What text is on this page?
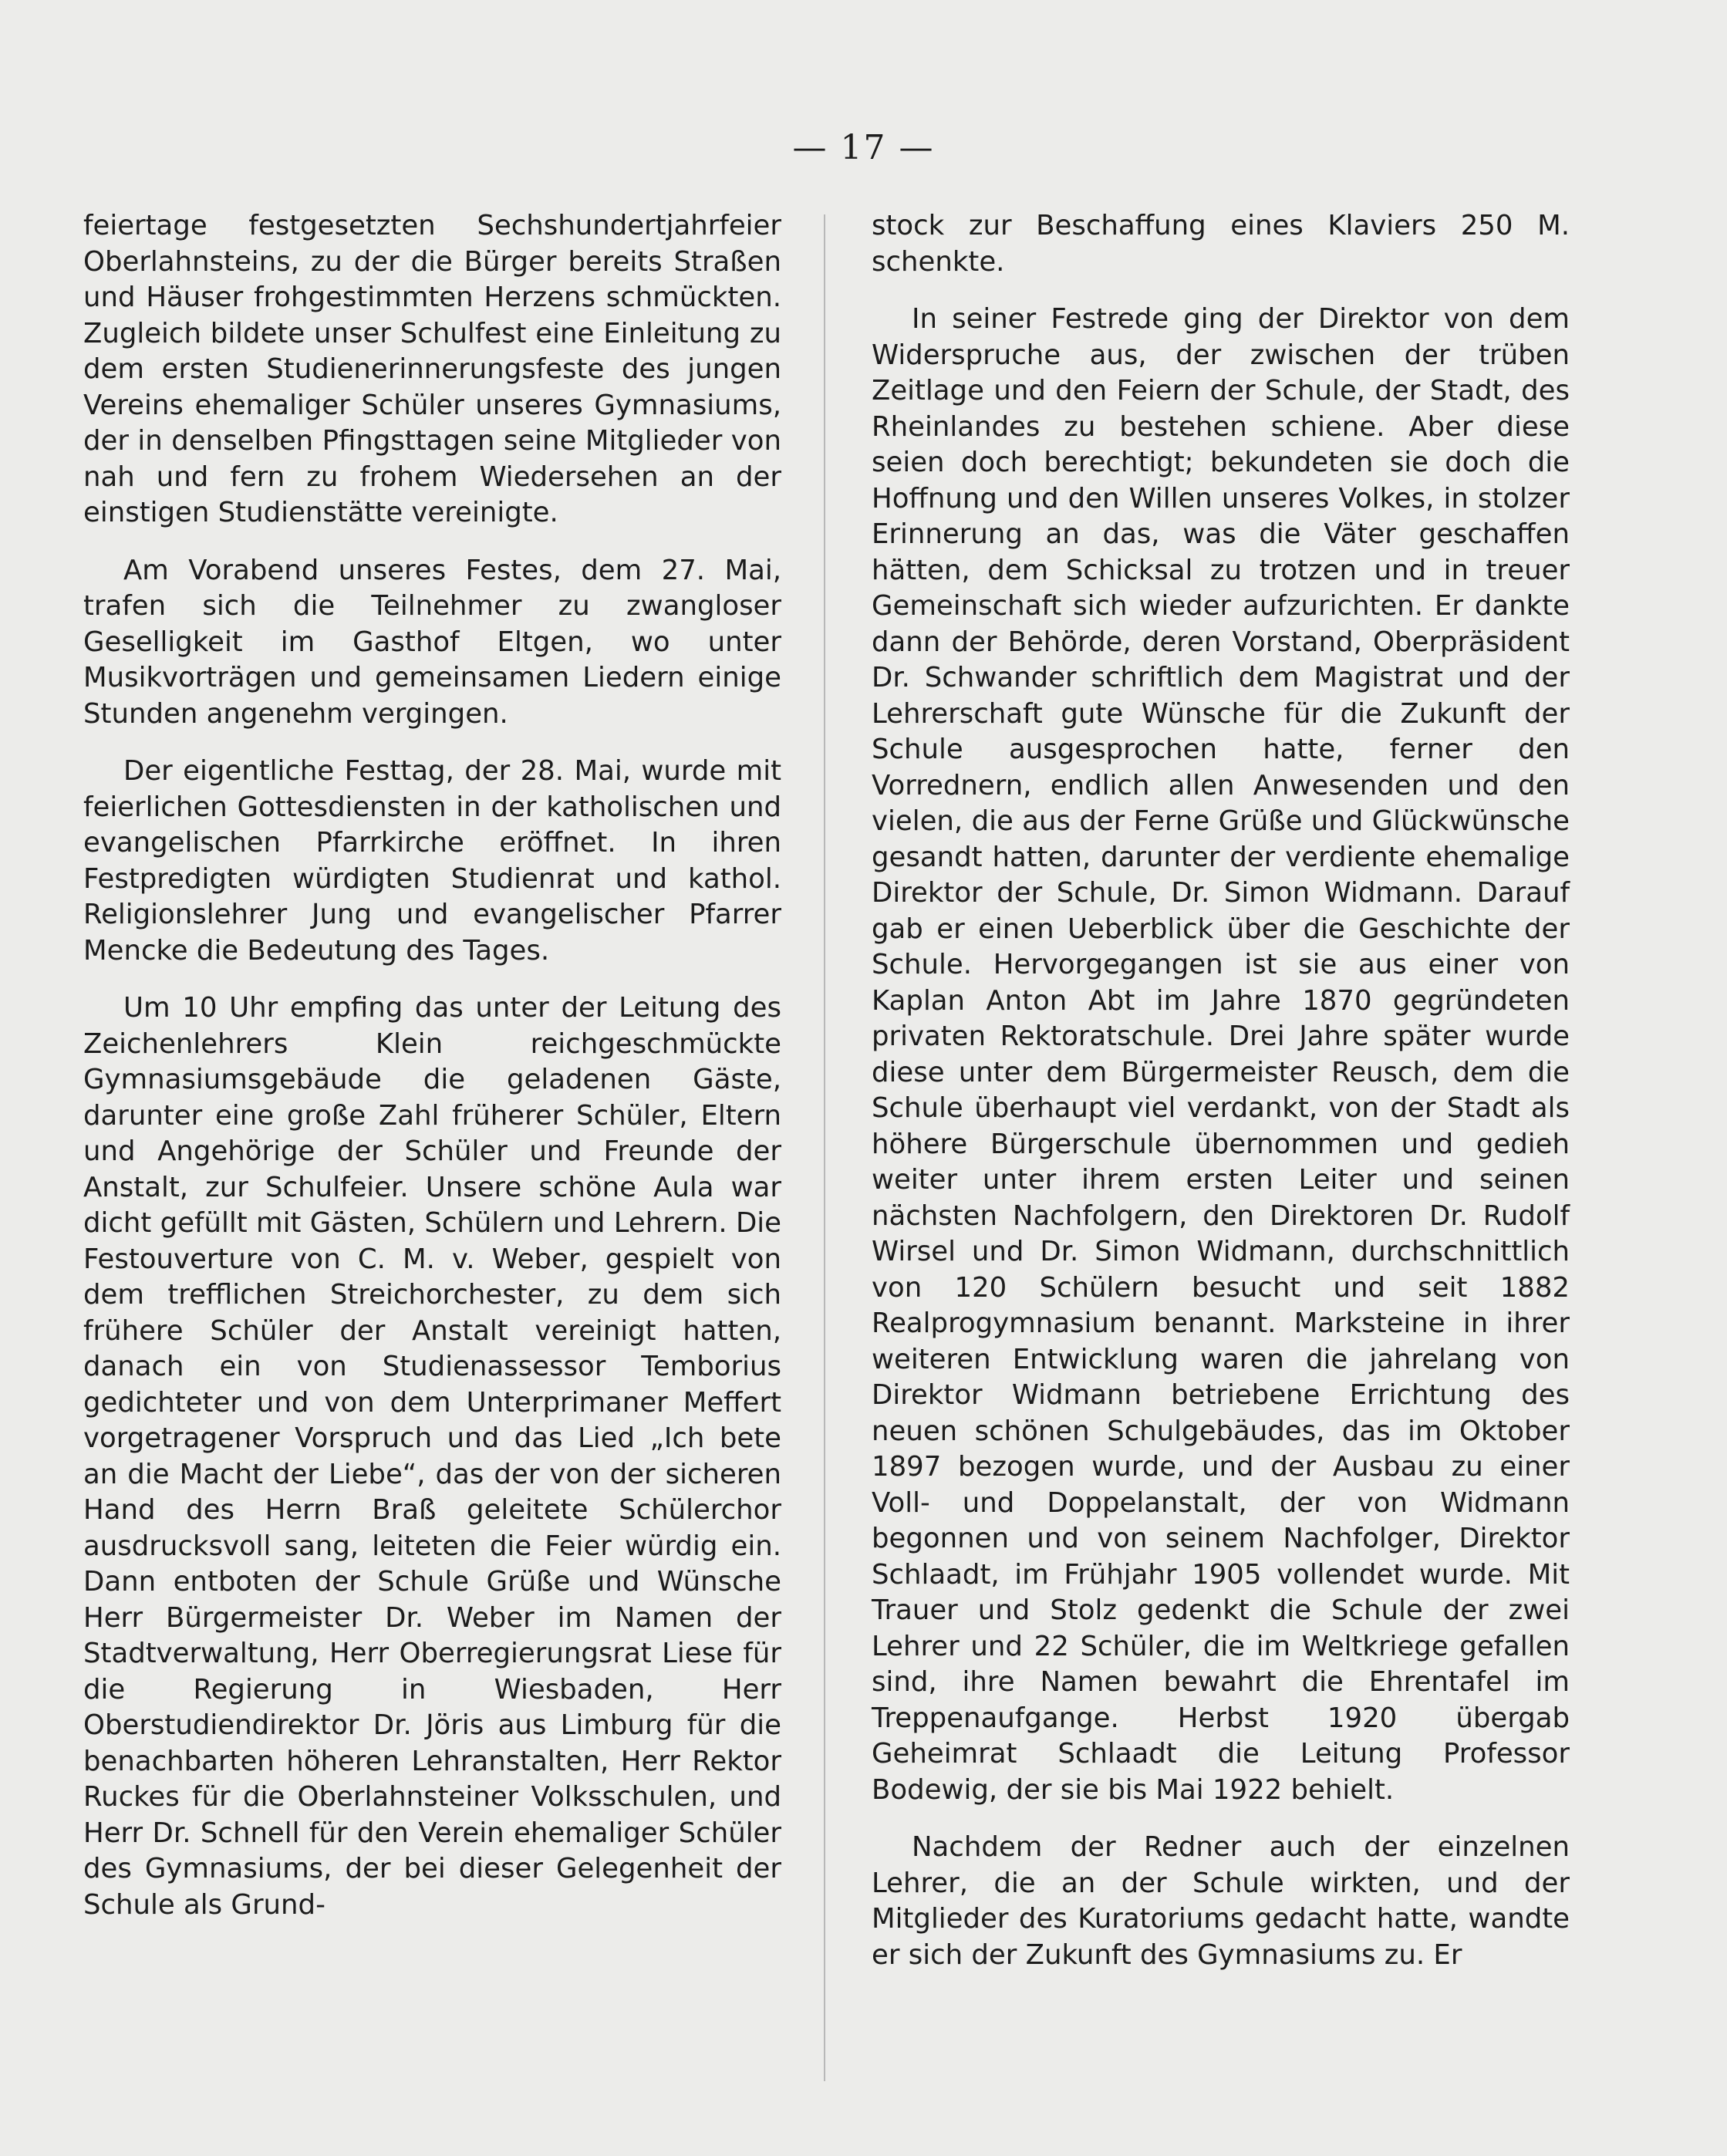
— 17 —

feiertage festgesetzten Sechshundertjahrfeier Oberlahnsteins, zu der die Bürger bereits Straßen und Häuser frohgestimmten Herzens schmückten. Zugleich bildete unser Schulfest eine Einleitung zu dem ersten Studienerinnerungsfeste des jungen Vereins ehemaliger Schüler unseres Gymnasiums, der in denselben Pfingsttagen seine Mitglieder von nah und fern zu frohem Wiedersehen an der einstigen Studienstätte vereinigte.

Am Vorabend unseres Festes, dem 27. Mai, trafen sich die Teilnehmer zu zwangloser Geselligkeit im Gasthof Eltgen, wo unter Musikvorträgen und gemeinsamen Liedern einige Stunden angenehm vergingen.

Der eigentliche Festtag, der 28. Mai, wurde mit feierlichen Gottesdiensten in der katholischen und evangelischen Pfarrkirche eröffnet. In ihren Festpredigten würdigten Studienrat und kathol. Religionslehrer Jung und evangelischer Pfarrer Mencke die Bedeutung des Tages.

Um 10 Uhr empfing das unter der Leitung des Zeichenlehrers Klein reichgeschmückte Gymnasiumsgebäude die geladenen Gäste, darunter eine große Zahl früherer Schüler, Eltern und Angehörige der Schüler und Freunde der Anstalt, zur Schulfeier. Unsere schöne Aula war dicht gefüllt mit Gästen, Schülern und Lehrern. Die Festouverture von C. M. v. Weber, gespielt von dem trefflichen Streichorchester, zu dem sich frühere Schüler der Anstalt vereinigt hatten, danach ein von Studienassessor Temborius gedichteter und von dem Unterprimaner Meffert vorgetragener Vorspruch und das Lied „Ich bete an die Macht der Liebe“, das der von der sicheren Hand des Herrn Braß geleitete Schülerchor ausdrucksvoll sang, leiteten die Feier würdig ein. Dann entboten der Schule Grüße und Wünsche Herr Bürgermeister Dr. Weber im Namen der Stadtverwaltung, Herr Oberregierungsrat Liese für die Regierung in Wiesbaden, Herr Oberstudiendirektor Dr. Jöris aus Limburg für die benachbarten höheren Lehranstalten, Herr Rektor Ruckes für die Oberlahnsteiner Volksschulen, und Herr Dr. Schnell für den Verein ehemaliger Schüler des Gymnasiums, der bei dieser Gelegenheit der Schule als Grund-

stock zur Beschaffung eines Klaviers 250 M. schenkte.

In seiner Festrede ging der Direktor von dem Widerspruche aus, der zwischen der trüben Zeitlage und den Feiern der Schule, der Stadt, des Rheinlandes zu bestehen schiene. Aber diese seien doch berechtigt; bekundeten sie doch die Hoffnung und den Willen unseres Volkes, in stolzer Erinnerung an das, was die Väter geschaffen hätten, dem Schicksal zu trotzen und in treuer Gemeinschaft sich wieder aufzurichten. Er dankte dann der Behörde, deren Vorstand, Oberpräsident Dr. Schwander schriftlich dem Magistrat und der Lehrerschaft gute Wünsche für die Zukunft der Schule ausgesprochen hatte, ferner den Vorrednern, endlich allen Anwesenden und den vielen, die aus der Ferne Grüße und Glückwünsche gesandt hatten, darunter der verdiente ehemalige Direktor der Schule, Dr. Simon Widmann. Darauf gab er einen Ueberblick über die Geschichte der Schule. Hervorgegangen ist sie aus einer von Kaplan Anton Abt im Jahre 1870 gegründeten privaten Rektoratschule. Drei Jahre später wurde diese unter dem Bürgermeister Reusch, dem die Schule überhaupt viel verdankt, von der Stadt als höhere Bürgerschule übernommen und gedieh weiter unter ihrem ersten Leiter und seinen nächsten Nachfolgern, den Direktoren Dr. Rudolf Wirsel und Dr. Simon Widmann, durchschnittlich von 120 Schülern besucht und seit 1882 Realprogymnasium benannt. Marksteine in ihrer weiteren Entwicklung waren die jahrelang von Direktor Widmann betriebene Errichtung des neuen schönen Schulgebäudes, das im Oktober 1897 bezogen wurde, und der Ausbau zu einer Voll- und Doppelanstalt, der von Widmann begonnen und von seinem Nachfolger, Direktor Schlaadt, im Frühjahr 1905 vollendet wurde. Mit Trauer und Stolz gedenkt die Schule der zwei Lehrer und 22 Schüler, die im Weltkriege gefallen sind, ihre Namen bewahrt die Ehrentafel im Treppenaufgange. Herbst 1920 übergab Geheimrat Schlaadt die Leitung Professor Bodewig, der sie bis Mai 1922 behielt.

Nachdem der Redner auch der einzelnen Lehrer, die an der Schule wirkten, und der Mitglieder des Kuratoriums gedacht hatte, wandte er sich der Zukunft des Gymnasiums zu. Er
